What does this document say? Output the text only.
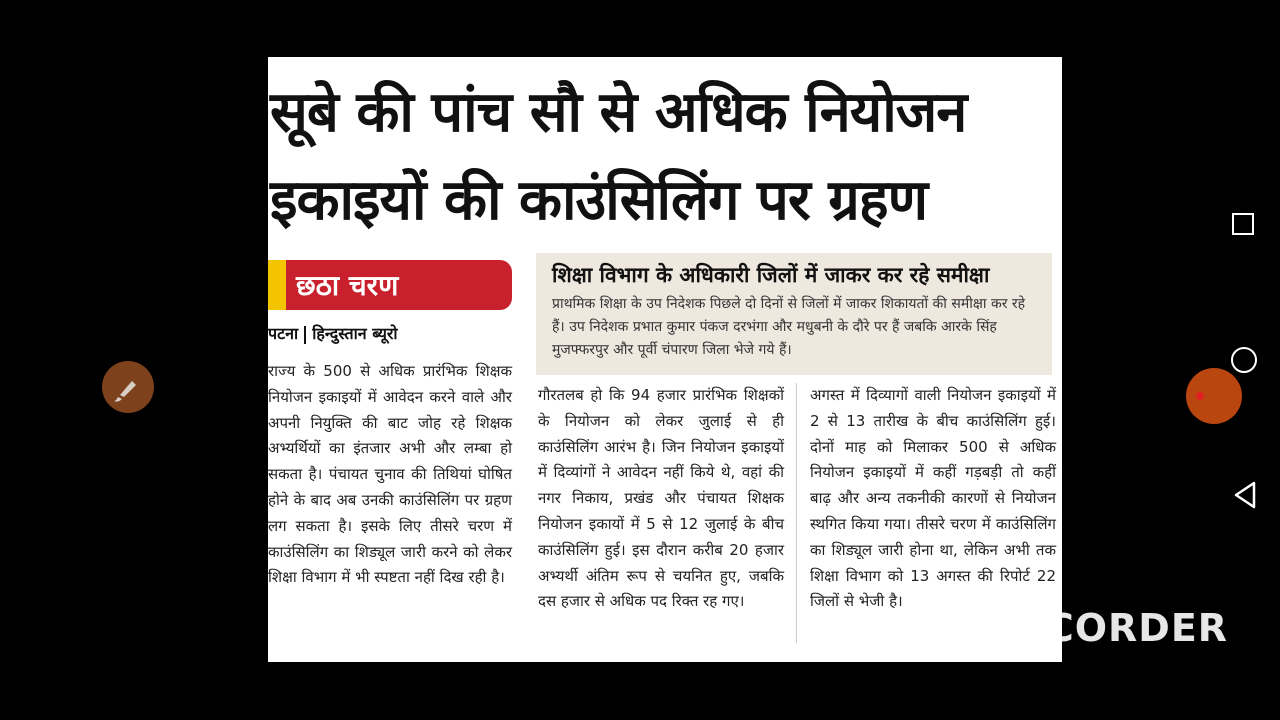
सूबे की पांच सौ से अधिक नियोजन
इकाइयों की काउंसिलिंग पर ग्रहण
छठा चरण
पटना हिन्दुस्तान ब्यूरो

राज्य के 500 से अधिक प्रारंभिक शिक्षक नियोजन इकाइयों में आवेदन करने वाले और अपनी नियुक्ति की बाट जोह रहे शिक्षक अभ्यर्थियों का इंतजार अभी और लम्बा हो सकता है। पंचायत चुनाव की तिथियां घोषित होने के बाद अब उनकी काउंसिलिंग पर ग्रहण लग सकता है। इसके लिए तीसरे चरण में काउंसिलिंग का शिड्यूल जारी करने को लेकर शिक्षा विभाग में भी स्पष्टता नहीं दिख रही है।

शिक्षा विभाग के अधिकारी जिलों में जाकर कर रहे समीक्षा

प्राथमिक शिक्षा के उप निदेशक पिछले दो दिनों से जिलों में जाकर शिकायतों की समीक्षा कर रहे हैं। उप निदेशक प्रभात कुमार पंकज दरभंगा और मधुबनी के दौरे पर हैं जबकि आरके सिंह मुजफ्फरपुर और पूर्वी चंपारण जिला भेजे गये हैं।

गौरतलब हो कि 94 हजार प्रारंभिक शिक्षकों के नियोजन को लेकर जुलाई से ही काउंसिलिंग आरंभ है। जिन नियोजन इकाइयों में दिव्यांगों ने आवेदन नहीं किये थे, वहां की नगर निकाय, प्रखंड और पंचायत शिक्षक नियोजन इकायों में 5 से 12 जुलाई के बीच काउंसिलिंग हुई। इस दौरान करीब 20 हजार अभ्यर्थी अंतिम रूप से चयनित हुए, जबकि दस हजार से अधिक पद रिक्त रह गए।

अगस्त में दिव्यागों वाली नियोजन इकाइयों में 2 से 13 तारीख के बीच काउंसिलिंग हुई। दोनों माह को मिलाकर 500 से अधिक नियोजन इकाइयों में कहीं गड़बड़ी तो कहीं बाढ़ और अन्य तकनीकी कारणों से नियोजन स्थगित किया गया। तीसरे चरण में काउंसिलिंग का शिड्यूल जारी होना था, लेकिन अभी तक शिक्षा विभाग को 13 अगस्त की रिपोर्ट 22 जिलों से भेजी है।

DU RECORDER
